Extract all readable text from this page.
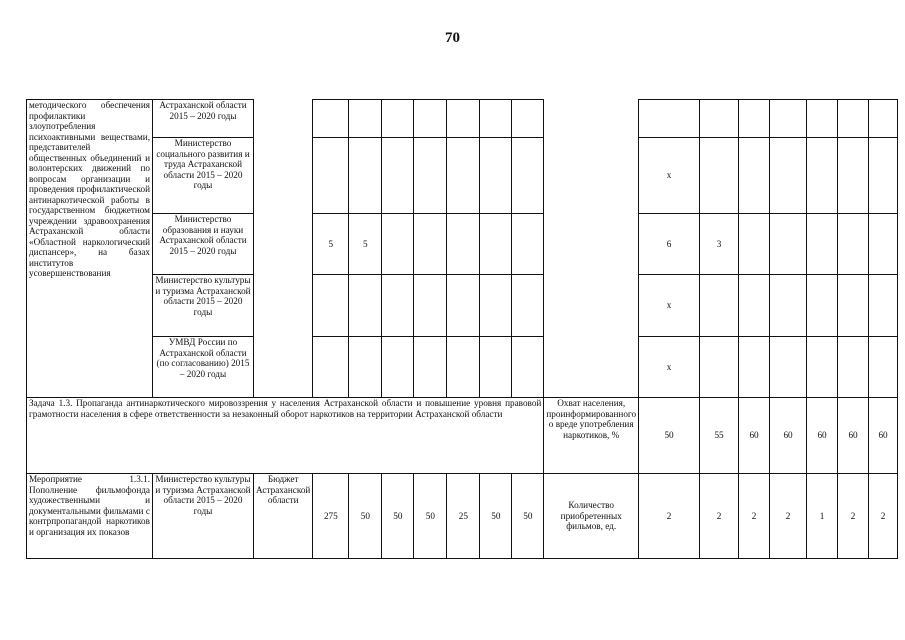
70
методического обеспечения профилактики злоупотребления психоактивными веществами, представителей общественных объединений и волонтерских движений по вопросам организации и проведения профилактической антинаркотической работы в государственном бюджетном учреждении здравоохранения Астраханской области «Областной наркологический диспансер», на базах институтов усовершенствования	Астраханской области 2015 – 2020 годы																
	Министерство социального развития и труда Астраханской области 2015 – 2020 годы										х						
	Министерство образования и науки Астраханской области 2015 – 2020 годы		5	5							6	3					
	Министерство культуры и туризма Астраханской области 2015 – 2020 годы										х						
	УМВД России по Астраханской области (по согласованию) 2015 – 2020 годы										х						
Задача 1.3. Пропаганда антинаркотического мировоззрения у населения Астраханской области и повышение уровня правовой грамотности населения в сфере ответственности за незаконный оборот наркотиков на территории Астраханской области										Охват населения, проинформированного о вреде употребления наркотиков, %	50	55	60	60	60	60	60
Мероприятие 1.3.1. Пополнение фильмофонда художественными и документальными фильмами с контрпропагандой наркотиков и организация их показов	Министерство культуры и туризма Астраханской области 2015 – 2020 годы	Бюджет Астраханской области	275	50	50	50	25	50	50	Количество приобретенных фильмов, ед.	2	2	2	2	1	2	2
